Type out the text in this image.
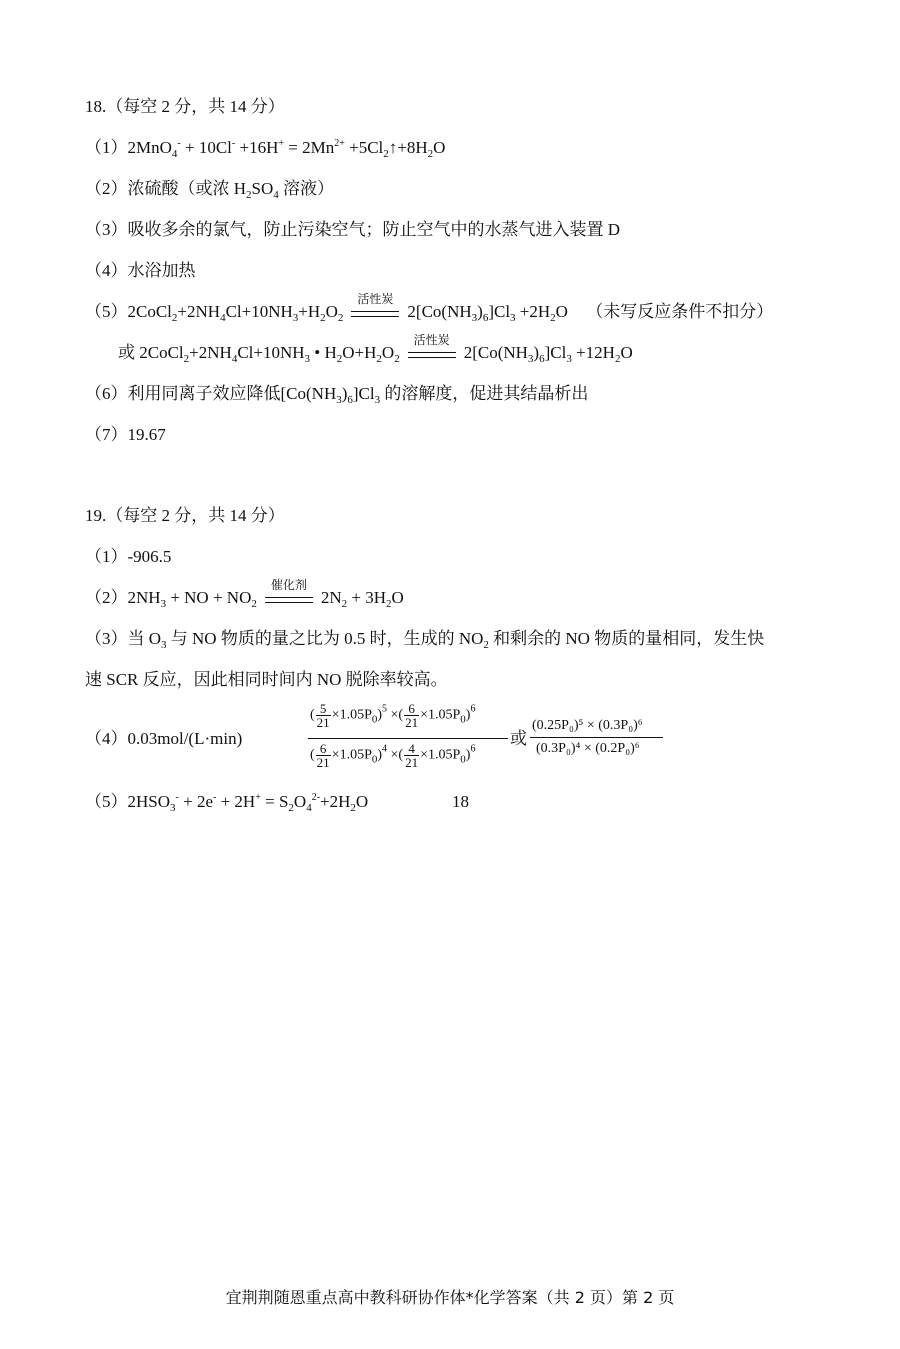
18.（每空 2 分，共 14 分）
$(1)2MnO_4^- + 10Cl^- +16H^+ = 2Mn^{2+}$ $+5Cl_2↑+8H_2O$
（2）浓硫酸（或浓 $H_2SO_4$ 溶液）
（3）吸收多余的氯气，防止污染空气；防止空气中的水蒸气进入装置 D
（4）水浴加热
$(5)2CoCl_2+2NH_4Cl+10NH_3+H_2O_2$
活性炭
$2[Co(NH_3)_6]Cl_3 +2H_2O$ （未写反应条件不扣分）
或 $2CoCl_2+2NH_4Cl+10NH_3$ • $H_2O+H_2O_2$
活性炭
$2[Co(NH_3)_6]Cl_3 +12H_2O$
（6）利用同离子效应降低$[Co(NH_3)_6]Cl_3$ 的溶解度，促进其结晶析出
（7）19.67
19.（每空 2 分，共 14 分）
（1）-906.5
$(2)2NH_3$ + NO + $NO_2$
催化剂
$2N_2 + 3H_2O$
（3）当 $O_3$ 与 NO 物质的量之比为 0.5 时，生成的 $NO_2$ 和剩余的 NO 物质的量相同，发生快
速 SCR 反应，因此相同时间内 NO 脱除率较高。
（4）0.03mol/(L·min)
( $\frac{5}{21} \times 1.05P_0)^5$ ×( $\frac{6}{21} \times 1.05P_0)^6$
( $\frac{6}{21} \times 1.05P_0)^4$ ×( $\frac{4}{21} \times 1.05P_0)^6$
或
(0.25P₀)⁵ × (0.3P₀)⁶
(0.3P₀)⁴ × (0.2P₀)⁶
$(5)2HSO_3^- + 2e^- + 2H^+ = S_2O_4^{2-}+2H_2O$	18
宜荆荆随恩重点高中教科研协作体*化学答案（共 2 页）第 2 页
